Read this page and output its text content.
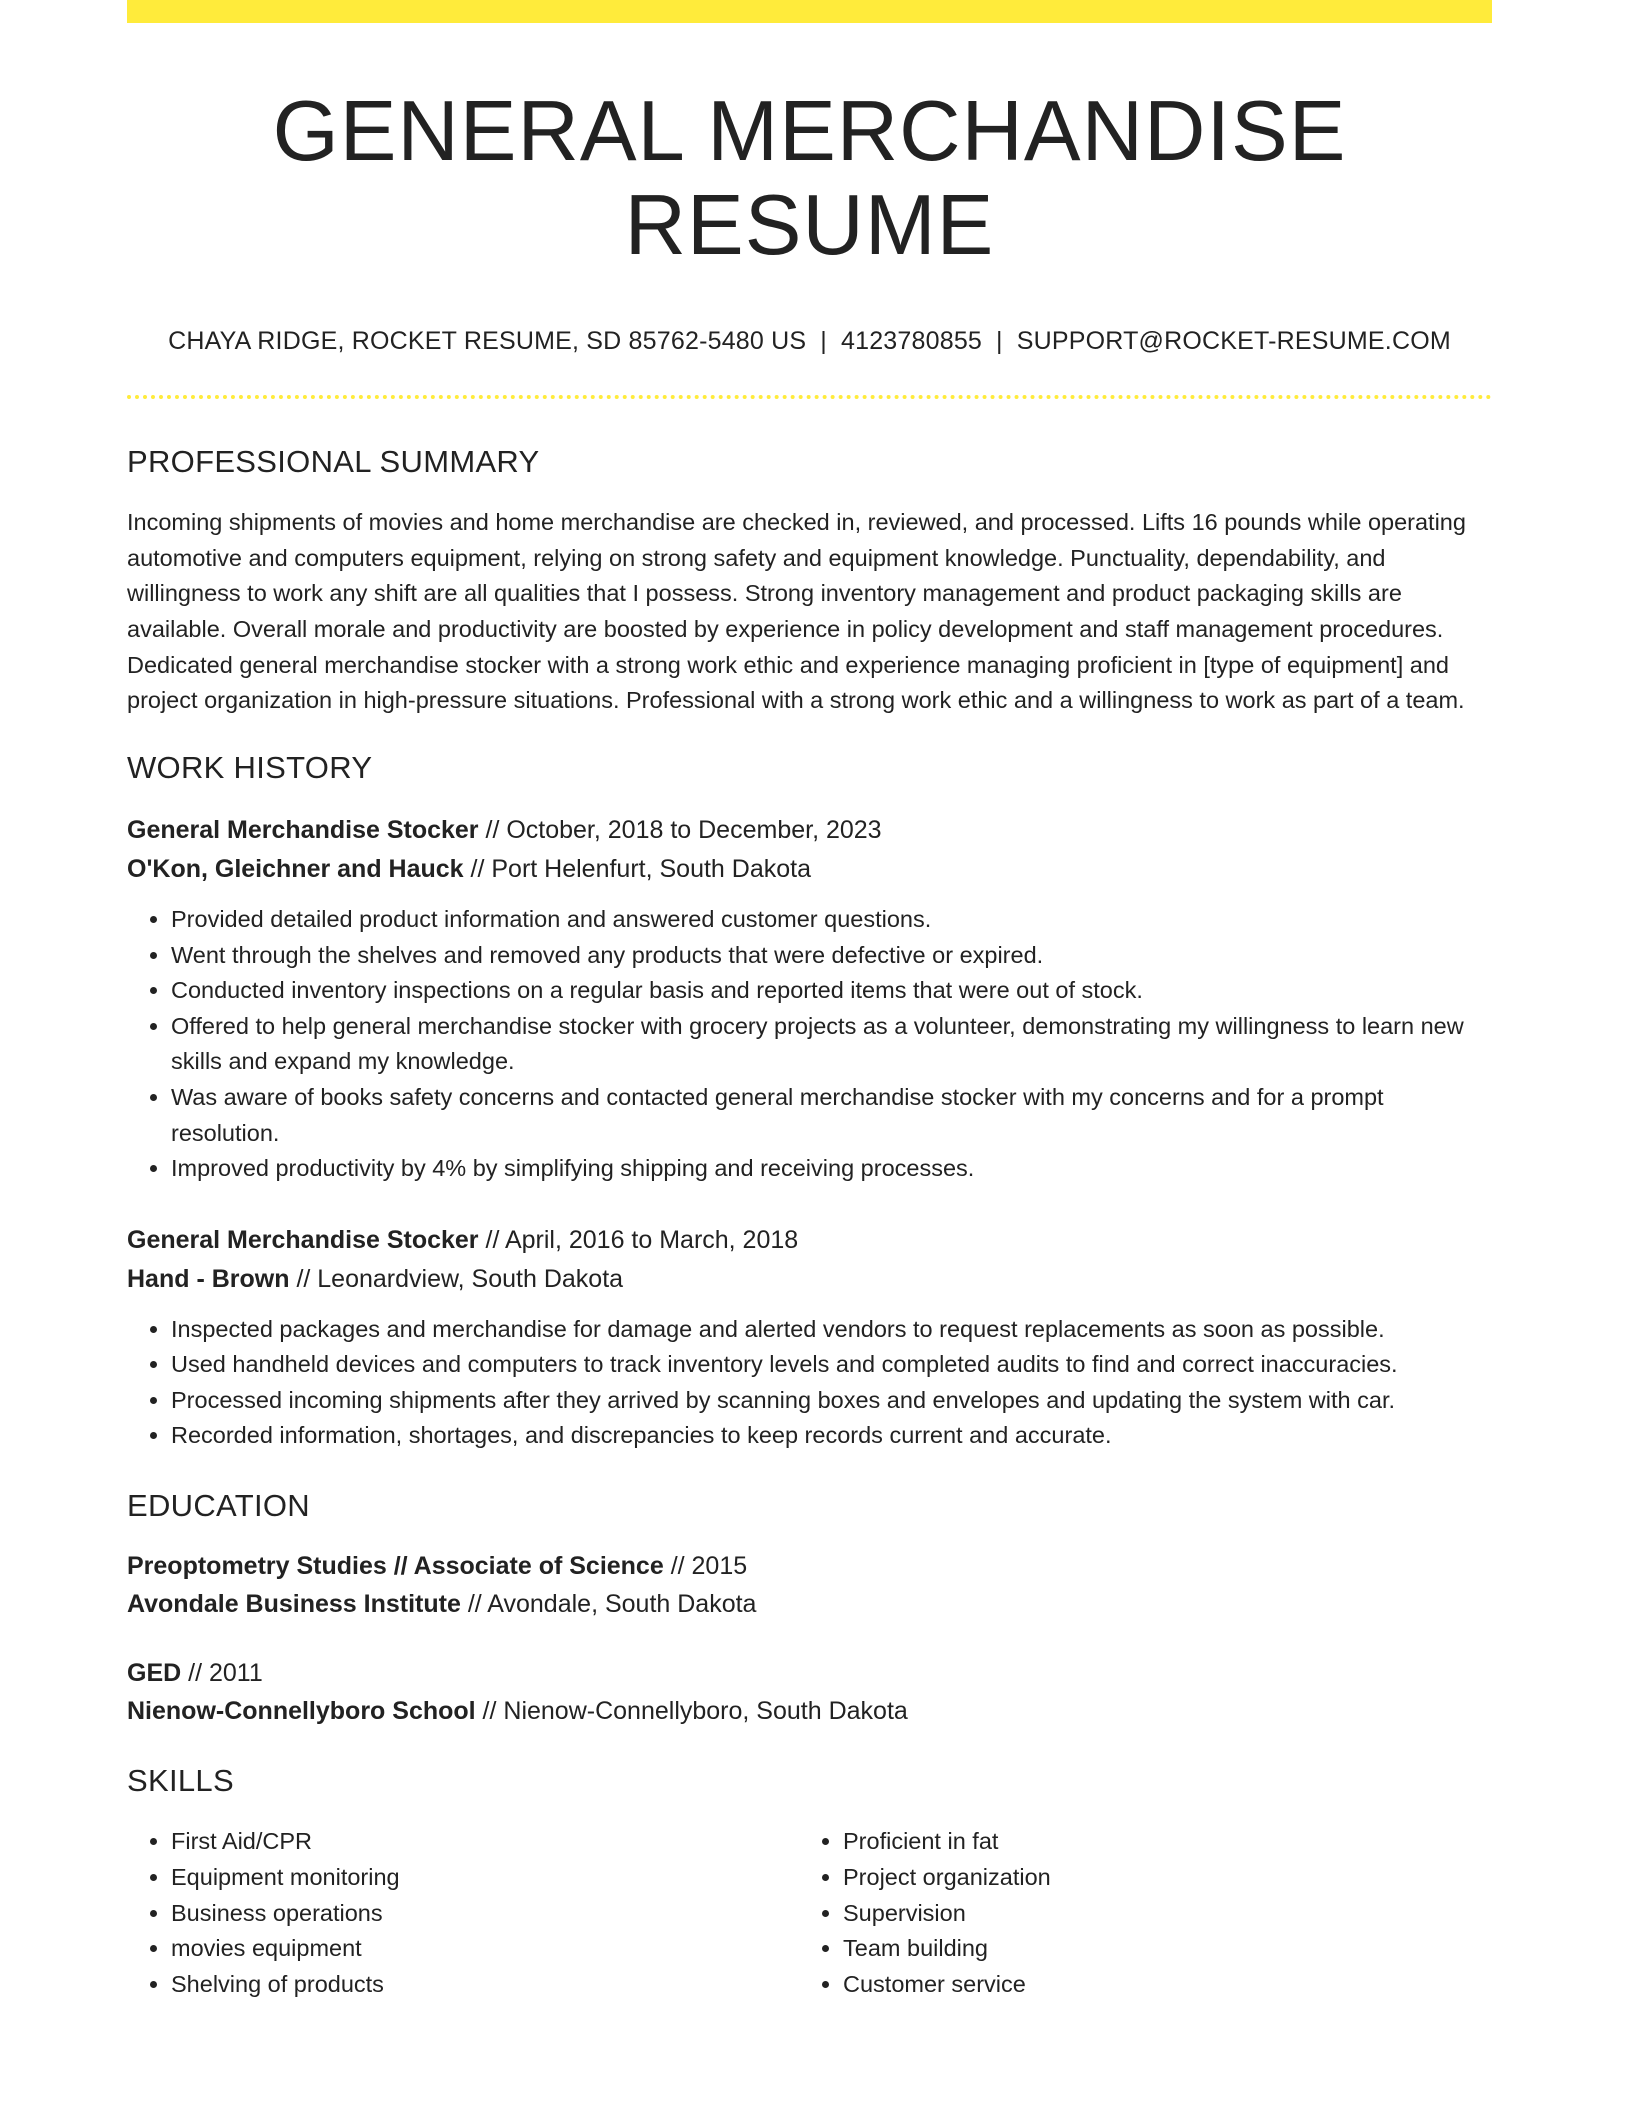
GENERAL MERCHANDISE RESUME
CHAYA RIDGE, ROCKET RESUME, SD 85762-5480 US | 4123780855 | SUPPORT@ROCKET-RESUME.COM
PROFESSIONAL SUMMARY

Incoming shipments of movies and home merchandise are checked in, reviewed, and processed. Lifts 16 pounds while operating automotive and computers equipment, relying on strong safety and equipment knowledge. Punctuality, dependability, and willingness to work any shift are all qualities that I possess. Strong inventory management and product packaging skills are available. Overall morale and productivity are boosted by experience in policy development and staff management procedures. Dedicated general merchandise stocker with a strong work ethic and experience managing proficient in [type of equipment] and project organization in high-pressure situations. Professional with a strong work ethic and a willingness to work as part of a team.

WORK HISTORY
General Merchandise Stocker // October, 2018 to December, 2023
O'Kon, Gleichner and Hauck // Port Helenfurt, South Dakota
• Provided detailed product information and answered customer questions.
• Went through the shelves and removed any products that were defective or expired.
• Conducted inventory inspections on a regular basis and reported items that were out of stock.
• Offered to help general merchandise stocker with grocery projects as a volunteer, demonstrating my willingness to learn new skills and expand my knowledge.
• Was aware of books safety concerns and contacted general merchandise stocker with my concerns and for a prompt resolution.
• Improved productivity by 4% by simplifying shipping and receiving processes.
General Merchandise Stocker // April, 2016 to March, 2018
Hand - Brown // Leonardview, South Dakota
• Inspected packages and merchandise for damage and alerted vendors to request replacements as soon as possible.
• Used handheld devices and computers to track inventory levels and completed audits to find and correct inaccuracies.
• Processed incoming shipments after they arrived by scanning boxes and envelopes and updating the system with car.
• Recorded information, shortages, and discrepancies to keep records current and accurate.
EDUCATION
Preoptometry Studies // Associate of Science // 2015
Avondale Business Institute // Avondale, South Dakota
GED // 2011
Nienow-Connellyboro School // Nienow-Connellyboro, South Dakota
SKILLS
• First Aid/CPR
• Equipment monitoring
• Business operations
• movies equipment
• Shelving of products
• Proficient in fat
• Project organization
• Supervision
• Team building
• Customer service
